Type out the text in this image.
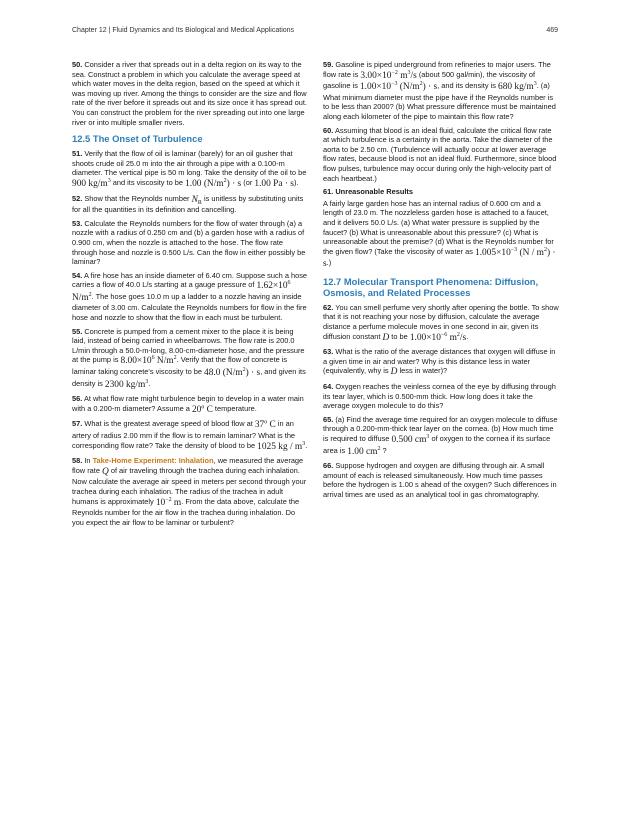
Chapter 12 | Fluid Dynamics and Its Biological and Medical Applications	469

50. Consider a river that spreads out in a delta region on its way to the sea. Construct a problem in which you calculate the average speed at which water moves in the delta region, based on the speed at which it was moving up river. Among the things to consider are the size and flow rate of the river before it spreads out and its size once it has spread out. You can construct the problem for the river spreading out into one large river or into multiple smaller rivers.

12.5 The Onset of Turbulence

51. Verify that the flow of oil is laminar (barely) for an oil gusher that shoots crude oil 25.0 m into the air through a pipe with a 0.100-m diameter. The vertical pipe is 50 m long. Take the density of the oil to be 900 $kg/m^3$ and its viscosity to be 1.00 $(N/m^2) \cdot s$ (or 1.00 Pa · s).

52. Show that the Reynolds number $N_R$ is unitless by substituting units for all the quantities in its definition and cancelling.

53. Calculate the Reynolds numbers for the flow of water through (a) a nozzle with a radius of 0.250 cm and (b) a garden hose with a radius of 0.900 cm, when the nozzle is attached to the hose. The flow rate through hose and nozzle is 0.500 L/s. Can the flow in either possibly be laminar?

54. A fire hose has an inside diameter of 6.40 cm. Suppose such a hose carries a flow of 40.0 L/s starting at a gauge pressure of $1.62\times 10^6$ $N/m^2$. The hose goes 10.0 m up a ladder to a nozzle having an inside diameter of 3.00 cm. Calculate the Reynolds numbers for flow in the fire hose and nozzle to show that the flow in each must be turbulent.

55. Concrete is pumped from a cement mixer to the place it is being laid, instead of being carried in wheelbarrows. The flow rate is 200.0 L/min through a 50.0-m-long, 8.00-cm-diameter hose, and the pressure at the pump is $8.00\times 10^6$ $N/m^2$. Verify that the flow of concrete is laminar taking concrete's viscosity to be 48.0 $(N/m^2) \cdot s$, and given its density is 2300 $kg/m^3$.

56. At what flow rate might turbulence begin to develop in a water main with a 0.200-m diameter? Assume a 20º C temperature.

57. What is the greatest average speed of blood flow at 37º C in an artery of radius 2.00 mm if the flow is to remain laminar? What is the corresponding flow rate? Take the density of blood to be 1025 kg / $m^3$.

58. In Take-Home Experiment: Inhalation, we measured the average flow rate Q of air traveling through the trachea during each inhalation. Now calculate the average air speed in meters per second through your trachea during each inhalation. The radius of the trachea in adult humans is approximately $10^{-2}$ m. From the data above, calculate the Reynolds number for the air flow in the trachea during inhalation. Do you expect the air flow to be laminar or turbulent?

59. Gasoline is piped underground from refineries to major users. The flow rate is $3.00\times 10^{-2}$ $m^3/s$ (about 500 gal/min), the viscosity of gasoline is $1.00\times 10^{-3}$ $(N/m^2) \cdot s$, and its density is 680 $kg/m^3$. (a) What minimum diameter must the pipe have if the Reynolds number is to be less than 2000? (b) What pressure difference must be maintained along each kilometer of the pipe to maintain this flow rate?

60. Assuming that blood is an ideal fluid, calculate the critical flow rate at which turbulence is a certainty in the aorta. Take the diameter of the aorta to be 2.50 cm. (Turbulence will actually occur at lower average flow rates, because blood is not an ideal fluid. Furthermore, since blood flow pulses, turbulence may occur during only the high-velocity part of each heartbeat.)

61. Unreasonable Results

A fairly large garden hose has an internal radius of 0.600 cm and a length of 23.0 m. The nozzleless garden hose is attached to a faucet, and it delivers 50.0 L/s. (a) What water pressure is supplied by the faucet? (b) What is unreasonable about this pressure? (c) What is unreasonable about the premise? (d) What is the Reynolds number for the given flow? (Take the viscosity of water as $1.005\times 10^{-3}$ $(N / m^2) \cdot s$.)

12.7 Molecular Transport Phenomena: Diffusion, Osmosis, and Related Processes

62. You can smell perfume very shortly after opening the bottle. To show that it is not reaching your nose by diffusion, calculate the average distance a perfume molecule moves in one second in air, given its diffusion constant D to be $1.00\times 10^{-6}$ $m^2/s$.

63. What is the ratio of the average distances that oxygen will diffuse in a given time in air and water? Why is this distance less in water (equivalently, why is D less in water)?

64. Oxygen reaches the veinless cornea of the eye by diffusing through its tear layer, which is 0.500-mm thick. How long does it take the average oxygen molecule to do this?

65. (a) Find the average time required for an oxygen molecule to diffuse through a 0.200-mm-thick tear layer on the cornea. (b) How much time is required to diffuse 0.500 $cm^3$ of oxygen to the cornea if its surface area is 1.00 $cm^2$ ?

66. Suppose hydrogen and oxygen are diffusing through air. A small amount of each is released simultaneously. How much time passes before the hydrogen is 1.00 s ahead of the oxygen? Such differences in arrival times are used as an analytical tool in gas chromatography.
